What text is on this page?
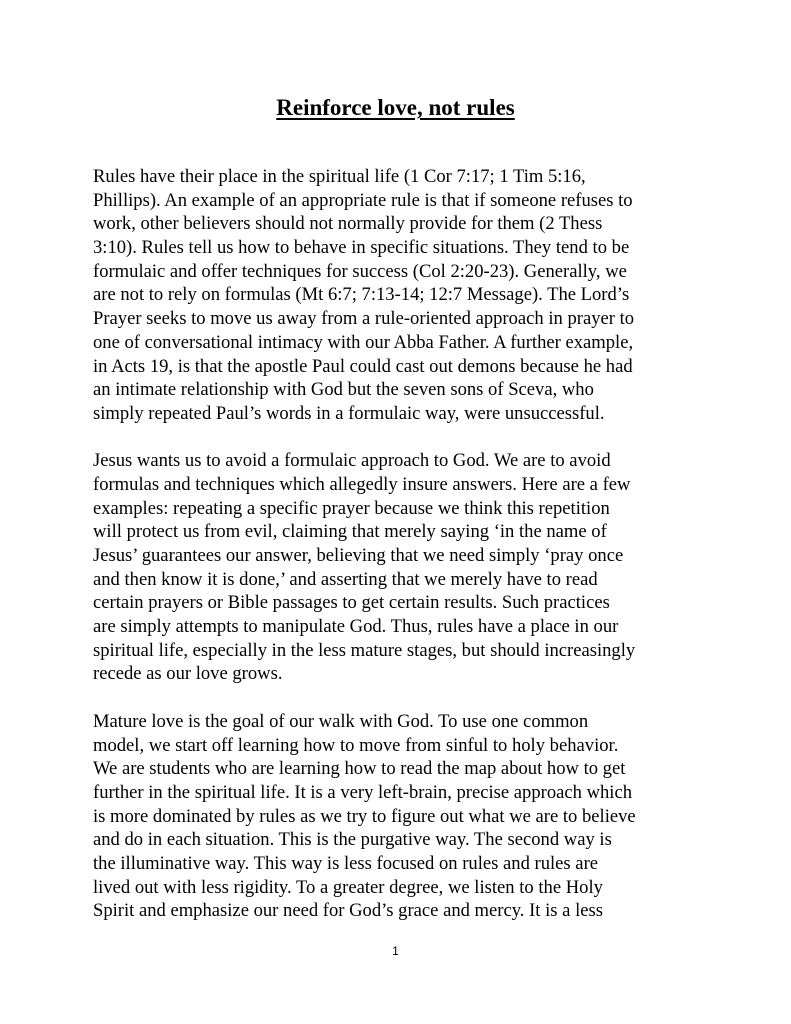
Reinforce love, not rules

Rules have their place in the spiritual life (1 Cor 7:17; 1 Tim 5:16,
Phillips). An example of an appropriate rule is that if someone refuses to
work, other believers should not normally provide for them (2 Thess
3:10). Rules tell us how to behave in specific situations. They tend to be
formulaic and offer techniques for success (Col 2:20-23). Generally, we
are not to rely on formulas (Mt 6:7; 7:13-14; 12:7 Message). The Lord’s
Prayer seeks to move us away from a rule-oriented approach in prayer to
one of conversational intimacy with our Abba Father. A further example,
in Acts 19, is that the apostle Paul could cast out demons because he had
an intimate relationship with God but the seven sons of Sceva, who
simply repeated Paul’s words in a formulaic way, were unsuccessful.

Jesus wants us to avoid a formulaic approach to God. We are to avoid
formulas and techniques which allegedly insure answers. Here are a few
examples: repeating a specific prayer because we think this repetition
will protect us from evil, claiming that merely saying ‘in the name of
Jesus’ guarantees our answer, believing that we need simply ‘pray once
and then know it is done,’ and asserting that we merely have to read
certain prayers or Bible passages to get certain results. Such practices
are simply attempts to manipulate God. Thus, rules have a place in our
spiritual life, especially in the less mature stages, but should increasingly
recede as our love grows.

Mature love is the goal of our walk with God. To use one common
model, we start off learning how to move from sinful to holy behavior.
We are students who are learning how to read the map about how to get
further in the spiritual life. It is a very left-brain, precise approach which
is more dominated by rules as we try to figure out what we are to believe
and do in each situation. This is the purgative way. The second way is
the illuminative way. This way is less focused on rules and rules are
lived out with less rigidity. To a greater degree, we listen to the Holy
Spirit and emphasize our need for God’s grace and mercy. It is a less

1
